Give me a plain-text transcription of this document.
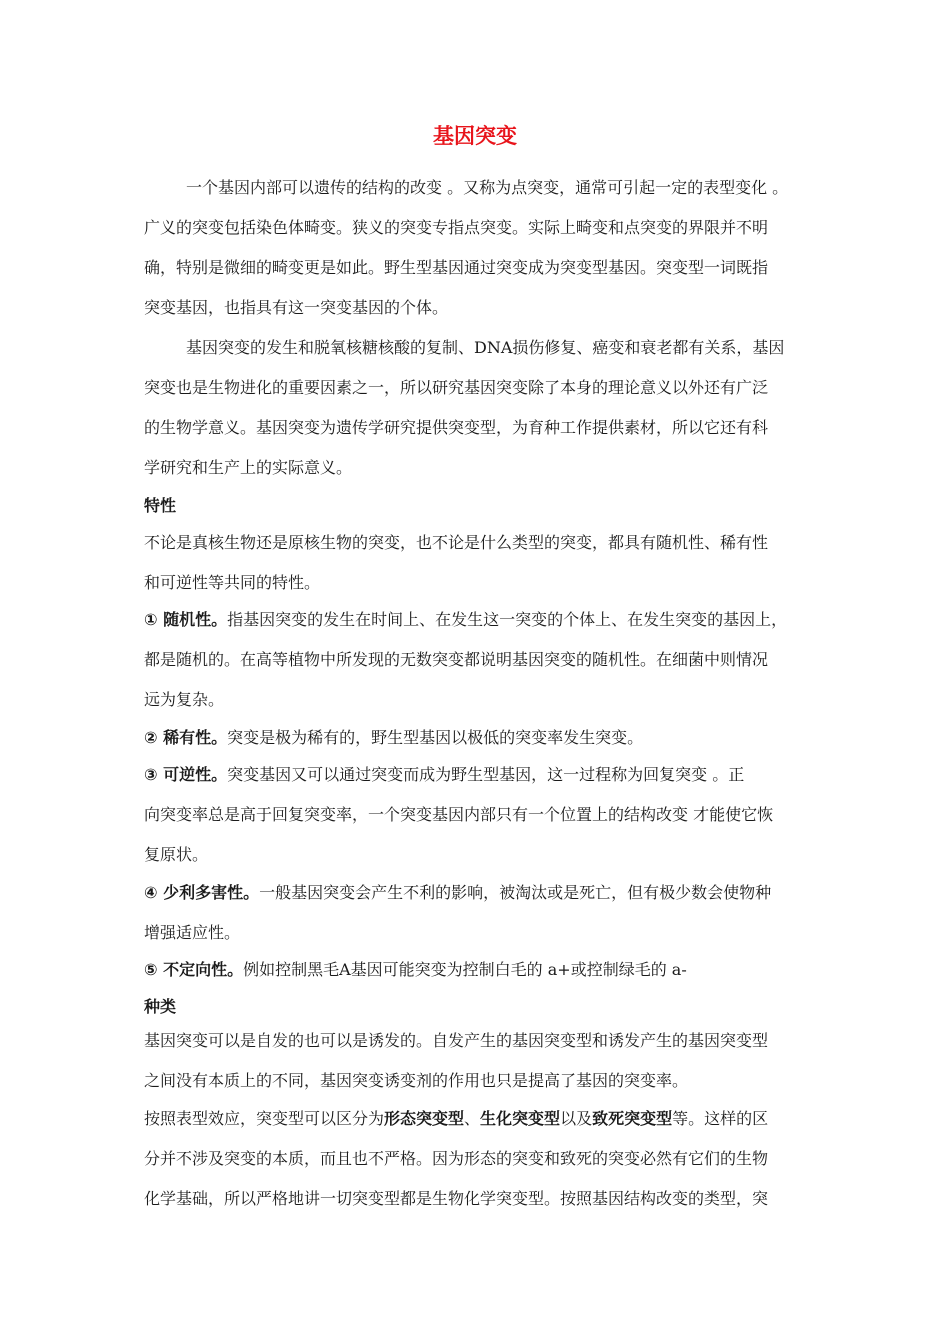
基因突变
一个基因内部可以遗传的结构的改变 。又称为点突变，通常可引起一定的表型变化 。
广义的突变包括染色体畸变。狭义的突变专指点突变。实际上畸变和点突变的界限并不明
确，特别是微细的畸变更是如此。野生型基因通过突变成为突变型基因。突变型一词既指
突变基因，也指具有这一突变基因的个体。
基因突变的发生和脱氧核糖核酸的复制、DNA损伤修复、癌变和衰老都有关系，基因
突变也是生物进化的重要因素之一，所以研究基因突变除了本身的理论意义以外还有广泛
的生物学意义。基因突变为遗传学研究提供突变型，为育种工作提供素材，所以它还有科
学研究和生产上的实际意义。
特性
不论是真核生物还是原核生物的突变，也不论是什么类型的突变，都具有随机性、稀有性
和可逆性等共同的特性。
① 随机性。指基因突变的发生在时间上、在发生这一突变的个体上、在发生突变的基因上，
都是随机的。在高等植物中所发现的无数突变都说明基因突变的随机性。在细菌中则情况
远为复杂。
② 稀有性。突变是极为稀有的，野生型基因以极低的突变率发生突变。
③ 可逆性。突变基因又可以通过突变而成为野生型基因，这一过程称为回复突变 。正
向突变率总是高于回复突变率，一个突变基因内部只有一个位置上的结构改变 才能使它恢
复原状。
④ 少利多害性。一般基因突变会产生不利的影响，被淘汰或是死亡，但有极少数会使物种
增强适应性。
⑤ 不定向性。例如控制黑毛A基因可能突变为控制白毛的 a+或控制绿毛的 a-
种类
基因突变可以是自发的也可以是诱发的。自发产生的基因突变型和诱发产生的基因突变型
之间没有本质上的不同，基因突变诱变剂的作用也只是提高了基因的突变率。
按照表型效应，突变型可以区分为形态突变型、生化突变型以及致死突变型等。这样的区
分并不涉及突变的本质，而且也不严格。因为形态的突变和致死的突变必然有它们的生物
化学基础，所以严格地讲一切突变型都是生物化学突变型。按照基因结构改变的类型，突
